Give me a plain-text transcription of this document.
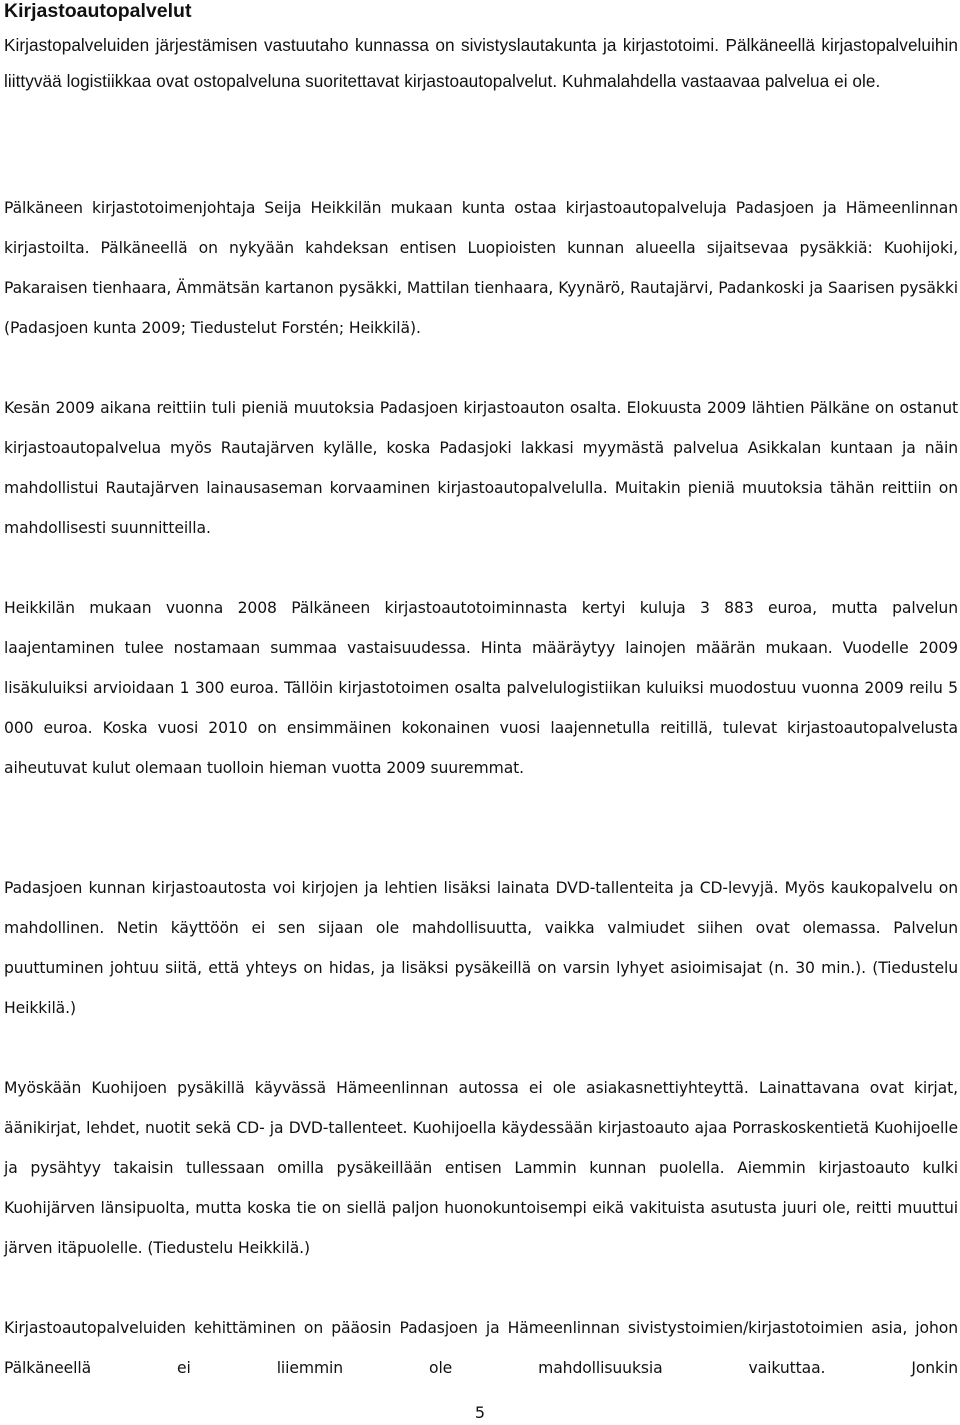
Kirjastoautopalvelut

Kirjastopalveluiden järjestämisen vastuutaho kunnassa on sivistyslautakunta ja kirjastotoimi. Pälkäneellä kirjastopalveluihin liittyvää logistiikkaa ovat ostopalveluna suoritettavat kirjastoautopalvelut. Kuhmalahdella vastaavaa palvelua ei ole.

Pälkäneen kirjastotoimenjohtaja Seija Heikkilän mukaan kunta ostaa kirjastoautopalveluja Padasjoen ja Hämeenlinnan kirjastoilta. Pälkäneellä on nykyään kahdeksan entisen Luopioisten kunnan alueella sijaitsevaa pysäkkiä: Kuohijoki, Pakaraisen tienhaara, Ämmätsän kartanon pysäkki, Mattilan tienhaara, Kyynärö, Rautajärvi, Padankoski ja Saarisen pysäkki (Padasjoen kunta 2009; Tiedustelut Forstén; Heikkilä).

Kesän 2009 aikana reittiin tuli pieniä muutoksia Padasjoen kirjastoauton osalta. Elokuusta 2009 lähtien Pälkäne on ostanut kirjastoautopalvelua myös Rautajärven kylälle, koska Padasjoki lakkasi myymästä palvelua Asikkalan kuntaan ja näin mahdollistui Rautajärven lainausaseman korvaaminen kirjastoautopalvelulla. Muitakin pieniä muutoksia tähän reittiin on mahdollisesti suunnitteilla.

Heikkilän mukaan vuonna 2008 Pälkäneen kirjastoautotoiminnasta kertyi kuluja 3 883 euroa, mutta palvelun laajentaminen tulee nostamaan summaa vastaisuudessa. Hinta määräytyy lainojen määrän mukaan. Vuodelle 2009 lisäkuluiksi arvioidaan 1 300 euroa. Tällöin kirjastotoimen osalta palvelulogistiikan kuluiksi muodostuu vuonna 2009 reilu 5 000 euroa. Koska vuosi 2010 on ensimmäinen kokonainen vuosi laajennetulla reitillä, tulevat kirjastoautopalvelusta aiheutuvat kulut olemaan tuolloin hieman vuotta 2009 suuremmat.

Padasjoen kunnan kirjastoautosta voi kirjojen ja lehtien lisäksi lainata DVD-tallenteita ja CD-levyjä. Myös kaukopalvelu on mahdollinen. Netin käyttöön ei sen sijaan ole mahdollisuutta, vaikka valmiudet siihen ovat olemassa. Palvelun puuttuminen johtuu siitä, että yhteys on hidas, ja lisäksi pysäkeillä on varsin lyhyet asioimisajat (n. 30 min.). (Tiedustelu Heikkilä.)

Myöskään Kuohijoen pysäkillä käyvässä Hämeenlinnan autossa ei ole asiakasnettiyhteyttä. Lainattavana ovat kirjat, äänikirjat, lehdet, nuotit sekä CD- ja DVD-tallenteet. Kuohijoella käydessään kirjastoauto ajaa Porraskoskentietä Kuohijoelle ja pysähtyy takaisin tullessaan omilla pysäkeillään entisen Lammin kunnan puolella. Aiemmin kirjastoauto kulki Kuohijärven länsipuolta, mutta koska tie on siellä paljon huonokuntoisempi eikä vakituista asutusta juuri ole, reitti muuttui järven itäpuolelle. (Tiedustelu Heikkilä.)

Kirjastoautopalveluiden kehittäminen on pääosin Padasjoen ja Hämeenlinnan sivistystoimien/kirjastotoimien asia, johon Pälkäneellä ei liiemmin ole mahdollisuuksia vaikuttaa. Jonkin

5
